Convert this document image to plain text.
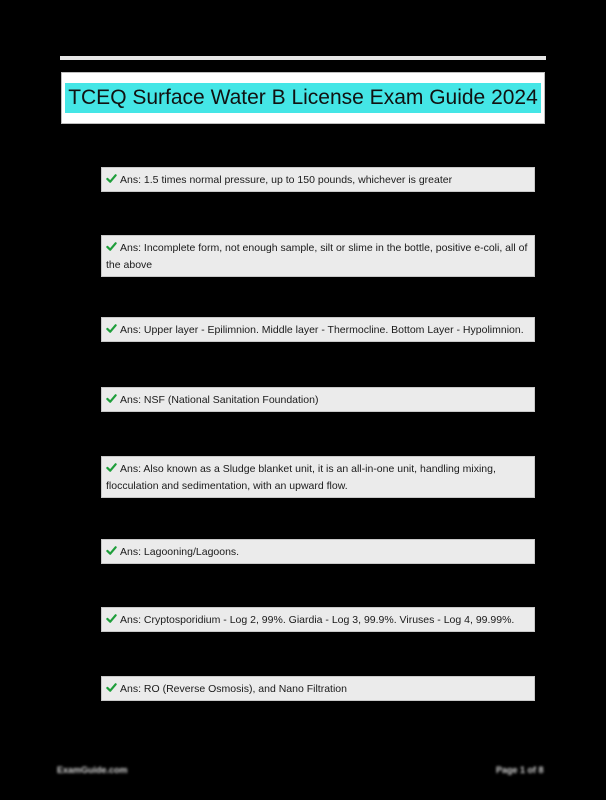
TCEQ Surface Water B License Exam Guide 2024
Ans: 1.5 times normal pressure, up to 150 pounds, whichever is greater
Ans: Incomplete form, not enough sample, silt or slime in the bottle, positive e-coli, all of the above
Ans: Upper layer - Epilimnion. Middle layer - Thermocline. Bottom Layer - Hypolimnion.
Ans: NSF (National Sanitation Foundation)
Ans: Also known as a Sludge blanket unit, it is an all-in-one unit, handling mixing, flocculation and sedimentation, with an upward flow.
Ans: Lagooning/Lagoons.
Ans: Cryptosporidium - Log 2, 99%. Giardia - Log 3, 99.9%. Viruses - Log 4, 99.99%.
Ans: RO (Reverse Osmosis), and Nano Filtration
ExamGuide.com	Page 1 of 8
